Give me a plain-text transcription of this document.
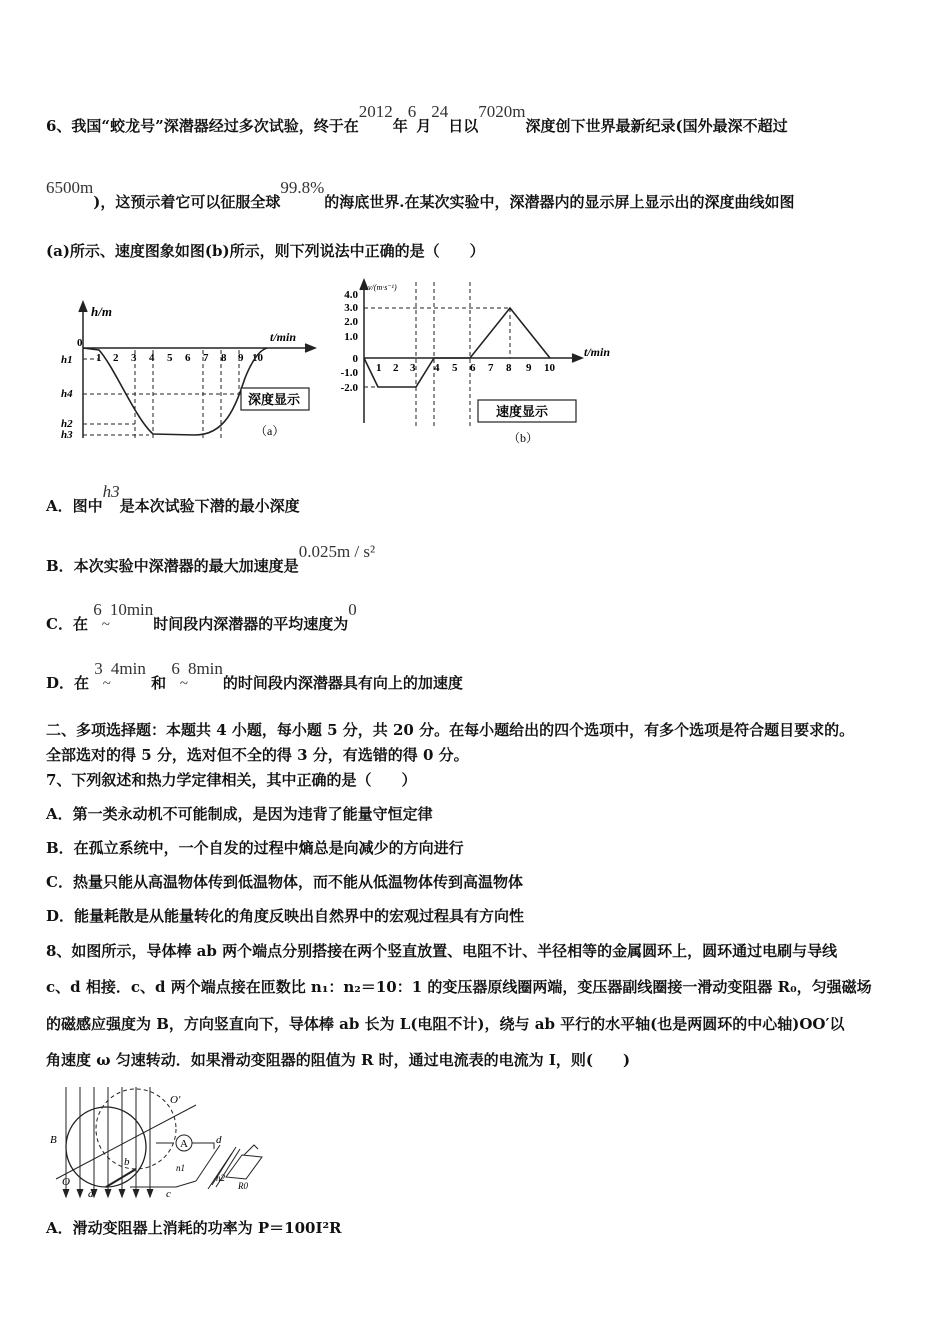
6、我国“蛟龙号”深潜器经过多次试验，终于在2012年6月24日以7020m深度创下世界最新纪录(国外最深不超过
6500m)，这预示着它可以征服全球99.8%的海底世界.在某次实验中，深潜器内的显示屏上显示出的深度曲线如图
(a)所示、速度图象如图(b)所示，则下列说法中正确的是（　　）
h/m
t/min
0
1 2 3 4 5 6 7 8 9 10
h1
h4
h2
h3
深度显示
（a）
v/(m·s⁻¹)
t/min
4.0
3.0
2.0
1.0
0
-1.0
-2.0
1 2 3 4 5 6 7 8 9 10
速度显示
（b）
A．图中h3是本次试验下潜的最小深度
B．本次实验中深潜器的最大加速度是0.025m / s²
C．在 6~10min时间段内深潜器的平均速度为0
D．在 3~4min 和 6~8min的时间段内深潜器具有向上的加速度
二、多项选择题：本题共 4 小题，每小题 5 分，共 20 分。在每小题给出的四个选项中，有多个选项是符合题目要求的。
全部选对的得 5 分，选对但不全的得 3 分，有选错的得 0 分。
7、下列叙述和热力学定律相关，其中正确的是（　　）
A．第一类永动机不可能制成，是因为违背了能量守恒定律
B．在孤立系统中，一个自发的过程中熵总是向减少的方向进行
C．热量只能从高温物体传到低温物体，而不能从低温物体传到高温物体
D．能量耗散是从能量转化的角度反映出自然界中的宏观过程具有方向性
8、如图所示，导体棒 ab 两个端点分别搭接在两个竖直放置、电阻不计、半径相等的金属圆环上，圆环通过电刷与导线
c、d 相接．c、d 两个端点接在匝数比 n₁：n₂＝10：1 的变压器原线圈两端，变压器副线圈接一滑动变阻器 R₀，匀强磁场
的磁感应强度为 B，方向竖直向下，导体棒 ab 长为 L(电阻不计)，绕与 ab 平行的水平轴(也是两圆环的中心轴)OO′以
角速度 ω 匀速转动．如果滑动变阻器的阻值为 R 时，通过电流表的电流为 I，则(　　)
B
O′
O
a
b
c
d
A
n1
n2
R0
A．滑动变阻器上消耗的功率为 P＝100I²R
